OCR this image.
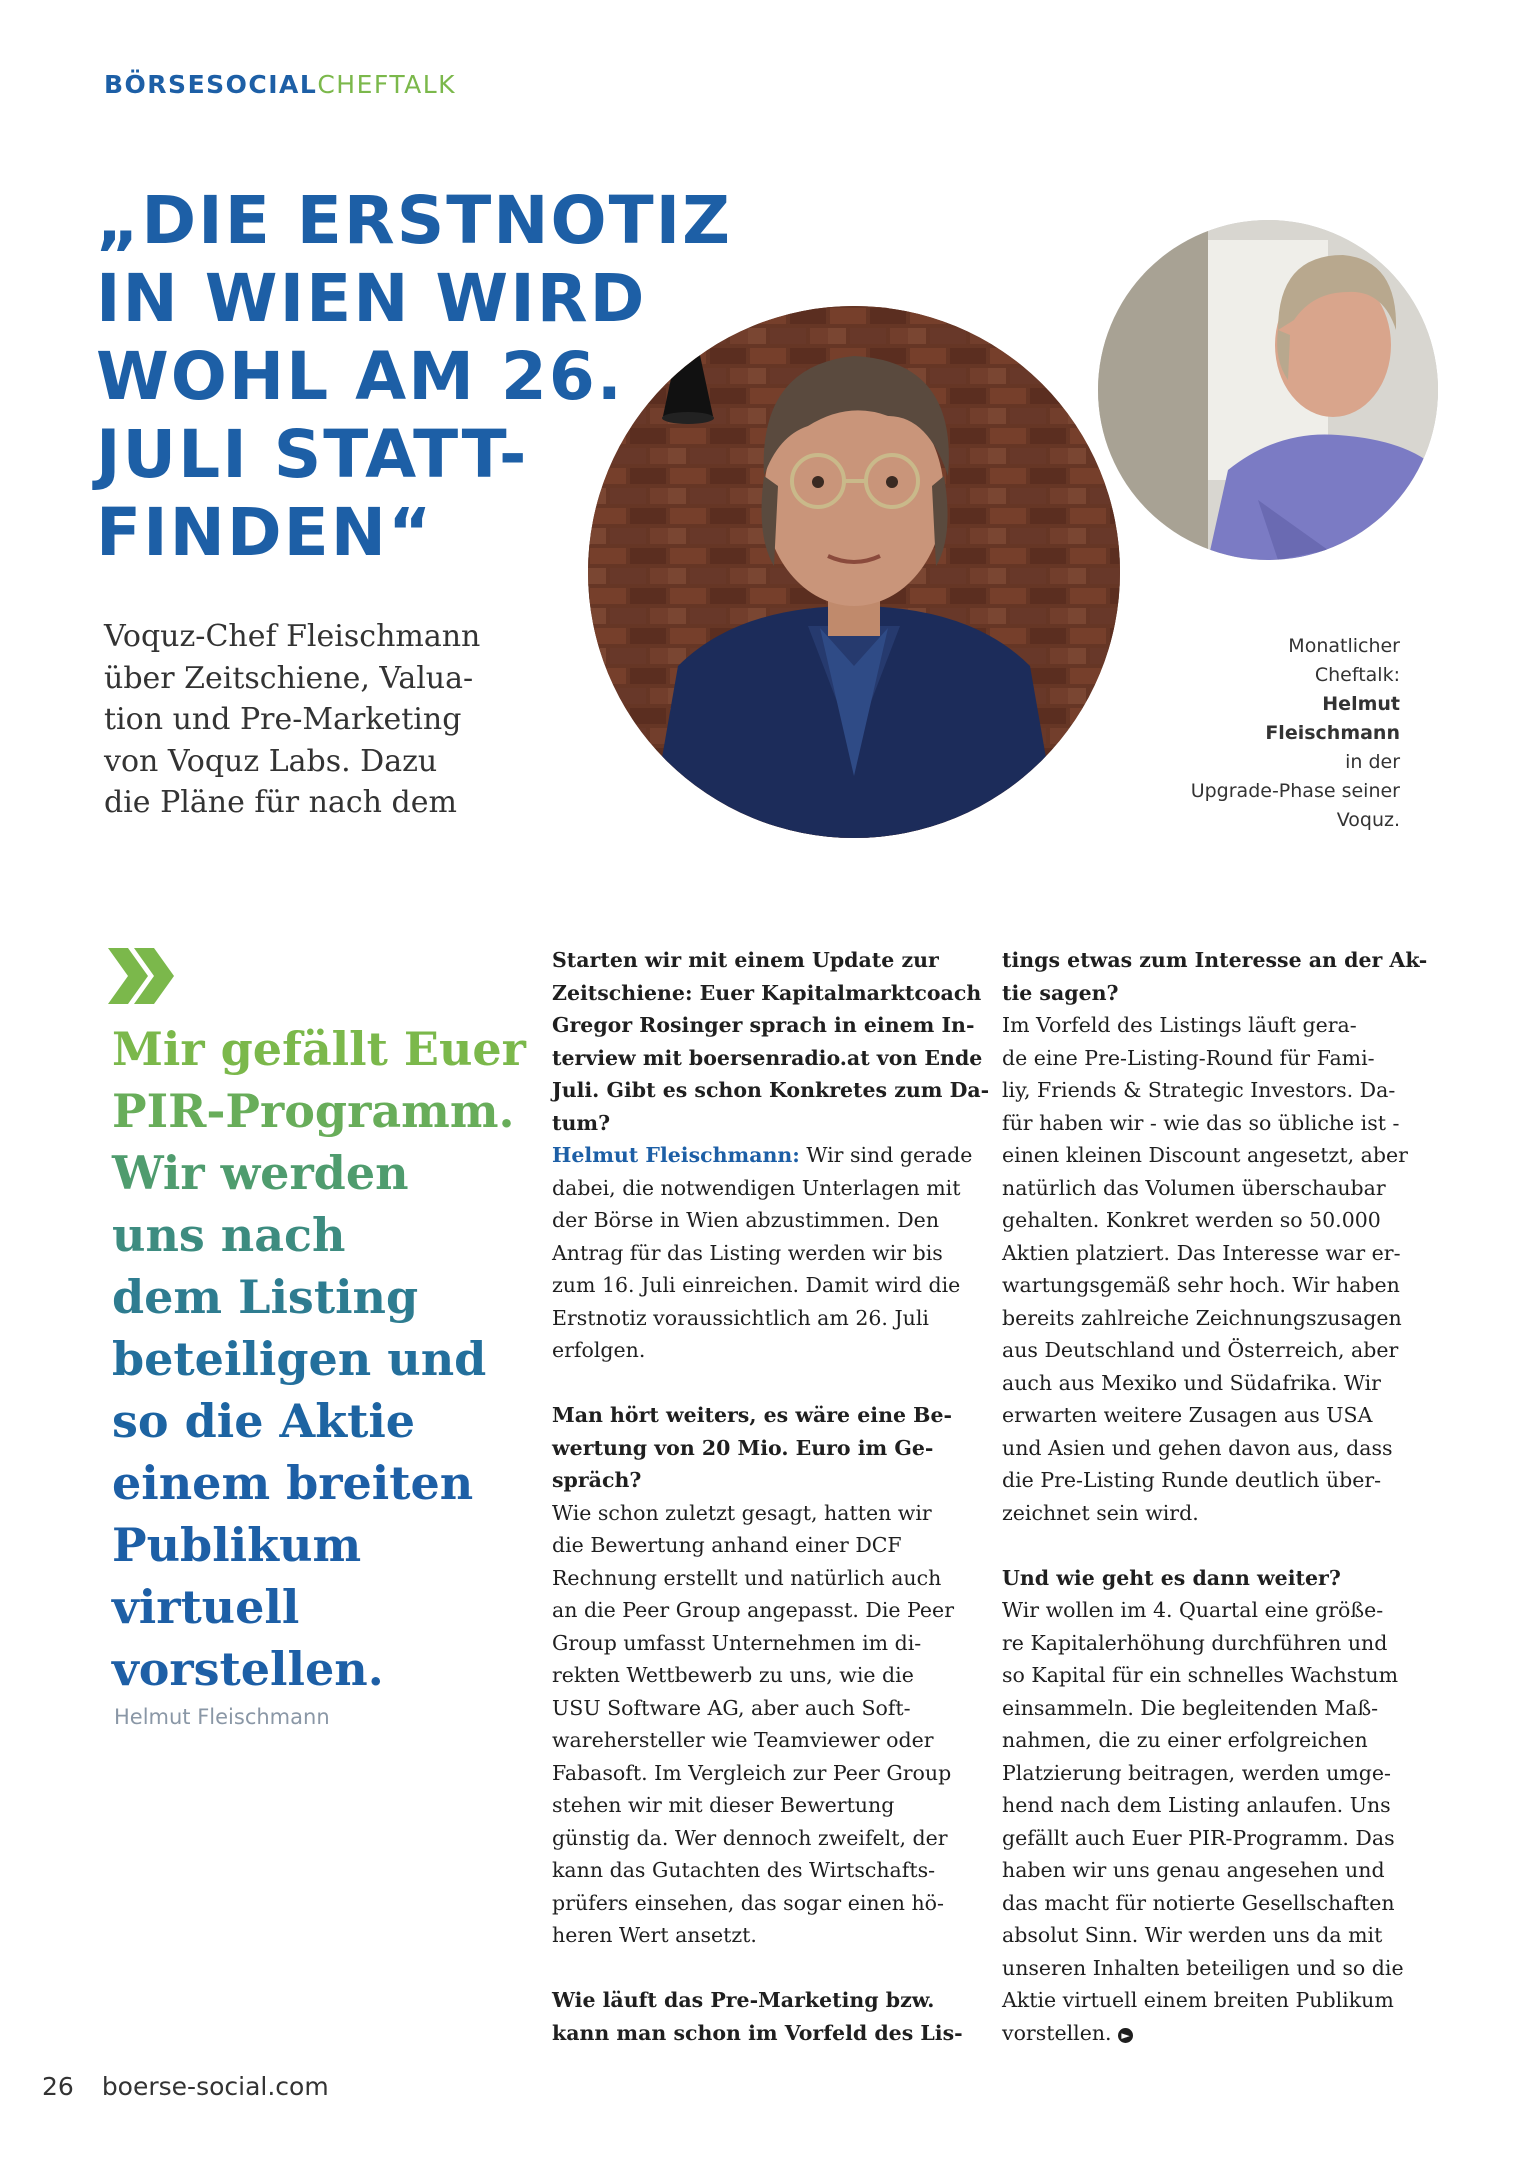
BÖRSESOCIALCHEFTALK
„DIE ERSTNOTIZ
IN WIEN WIRD
WOHL AM 26.
JULI STATT-
FINDEN“
Voquz-Chef Fleischmann
über Zeitschiene, Valua-
tion und Pre-Marketing
von Voquz Labs. Dazu
die Pläne für nach dem
Monatlicher
Cheftalk:
Helmut
Fleischmann
in der
Upgrade-Phase seiner
Voquz.
Mir gefällt Euer
PIR-Programm.
Wir werden
uns nach
dem Listing
beteiligen und
so die Aktie
einem breiten
Publikum
virtuell
vorstellen.
Helmut Fleischmann
Starten wir mit einem Update zur
Zeitschiene: Euer Kapitalmarktcoach
Gregor Rosinger sprach in einem In-
terview mit boersenradio.at von Ende
Juli. Gibt es schon Konkretes zum Da-
tum?
Helmut Fleischmann: Wir sind gerade
dabei, die notwendigen Unterlagen mit
der Börse in Wien abzustimmen. Den
Antrag für das Listing werden wir bis
zum 16. Juli einreichen. Damit wird die
Erstnotiz voraussichtlich am 26. Juli
erfolgen.
Man hört weiters, es wäre eine Be-
wertung von 20 Mio. Euro im Ge-
spräch?
Wie schon zuletzt gesagt, hatten wir
die Bewertung anhand einer DCF
Rechnung erstellt und natürlich auch
an die Peer Group angepasst. Die Peer
Group umfasst Unternehmen im di-
rekten Wettbewerb zu uns, wie die
USU Software AG, aber auch Soft-
warehersteller wie Teamviewer oder
Fabasoft. Im Vergleich zur Peer Group
stehen wir mit dieser Bewertung
günstig da. Wer dennoch zweifelt, der
kann das Gutachten des Wirtschafts-
prüfers einsehen, das sogar einen hö-
heren Wert ansetzt.
Wie läuft das Pre-Marketing bzw.
kann man schon im Vorfeld des Lis-
tings etwas zum Interesse an der Ak-
tie sagen?
Im Vorfeld des Listings läuft gera-
de eine Pre-Listing-Round für Fami-
liy, Friends & Strategic Investors. Da-
für haben wir - wie das so übliche ist -
einen kleinen Discount angesetzt, aber
natürlich das Volumen überschaubar
gehalten. Konkret werden so 50.000
Aktien platziert. Das Interesse war er-
wartungsgemäß sehr hoch. Wir haben
bereits zahlreiche Zeichnungszusagen
aus Deutschland und Österreich, aber
auch aus Mexiko und Südafrika. Wir
erwarten weitere Zusagen aus USA
und Asien und gehen davon aus, dass
die Pre-Listing Runde deutlich über-
zeichnet sein wird.
Und wie geht es dann weiter?
Wir wollen im 4. Quartal eine größe-
re Kapitalerhöhung durchführen und
so Kapital für ein schnelles Wachstum
einsammeln. Die begleitenden Maß-
nahmen, die zu einer erfolgreichen
Platzierung beitragen, werden umge-
hend nach dem Listing anlaufen. Uns
gefällt auch Euer PIR-Programm. Das
haben wir uns genau angesehen und
das macht für notierte Gesellschaften
absolut Sinn. Wir werden uns da mit
unseren Inhalten beteiligen und so die
Aktie virtuell einem breiten Publikum
vorstellen. ►
26 boerse-social.com
